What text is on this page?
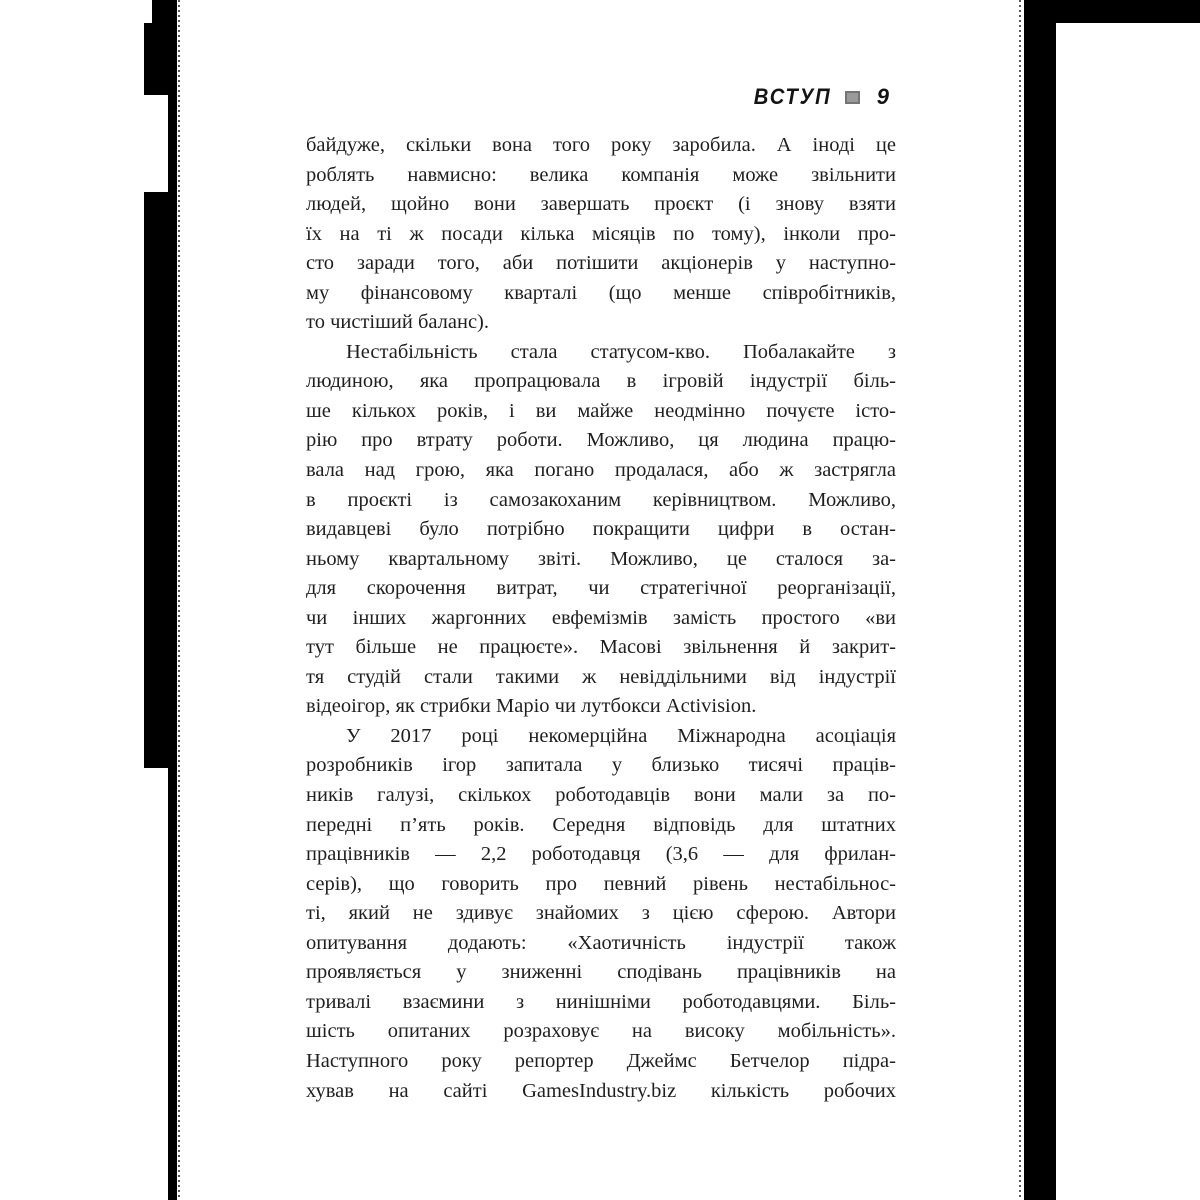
ВСТУП 9
байдуже, скільки вона того року заробила. А іноді це
роблять навмисно: велика компанія може звільнити
людей, щойно вони завершать проєкт (і знову взяти
їх на ті ж посади кілька місяців по тому), інколи про-
сто заради того, аби потішити акціонерів у наступно-
му фінансовому кварталі (що менше співробітників,
то чистіший баланс).
Нестабільність стала статусом-кво. Побалакайте з
людиною, яка пропрацювала в ігровій індустрії біль-
ше кількох років, і ви майже неодмінно почуєте істо-
рію про втрату роботи. Можливо, ця людина працю-
вала над грою, яка погано продалася, або ж застрягла
в проєкті із самозакоханим керівництвом. Можливо,
видавцеві було потрібно покращити цифри в остан-
ньому квартальному звіті. Можливо, це сталося за-
для скорочення витрат, чи стратегічної реорганізації,
чи інших жаргонних евфемізмів замість простого «ви
тут більше не працюєте». Масові звільнення й закрит-
тя студій стали такими ж невіддільними від індустрії
відеоігор, як стрибки Маріо чи лутбокси Activision.
У 2017 році некомерційна Міжнародна асоціація
розробників ігор запитала у близько тисячі праців-
ників галузі, скількох роботодавців вони мали за по-
передні п’ять років. Середня відповідь для штатних
працівників — 2,2 роботодавця (3,6 — для фрилан-
серів), що говорить про певний рівень нестабільнос-
ті, який не здивує знайомих з цією сферою. Автори
опитування додають: «Хаотичність індустрії також
проявляється у зниженні сподівань працівників на
тривалі взаємини з нинішніми роботодавцями. Біль-
шість опитаних розраховує на високу мобільність».
Наступного року репортер Джеймс Бетчелор підра-
хував на сайті GamesIndustry.biz кількість робочих
